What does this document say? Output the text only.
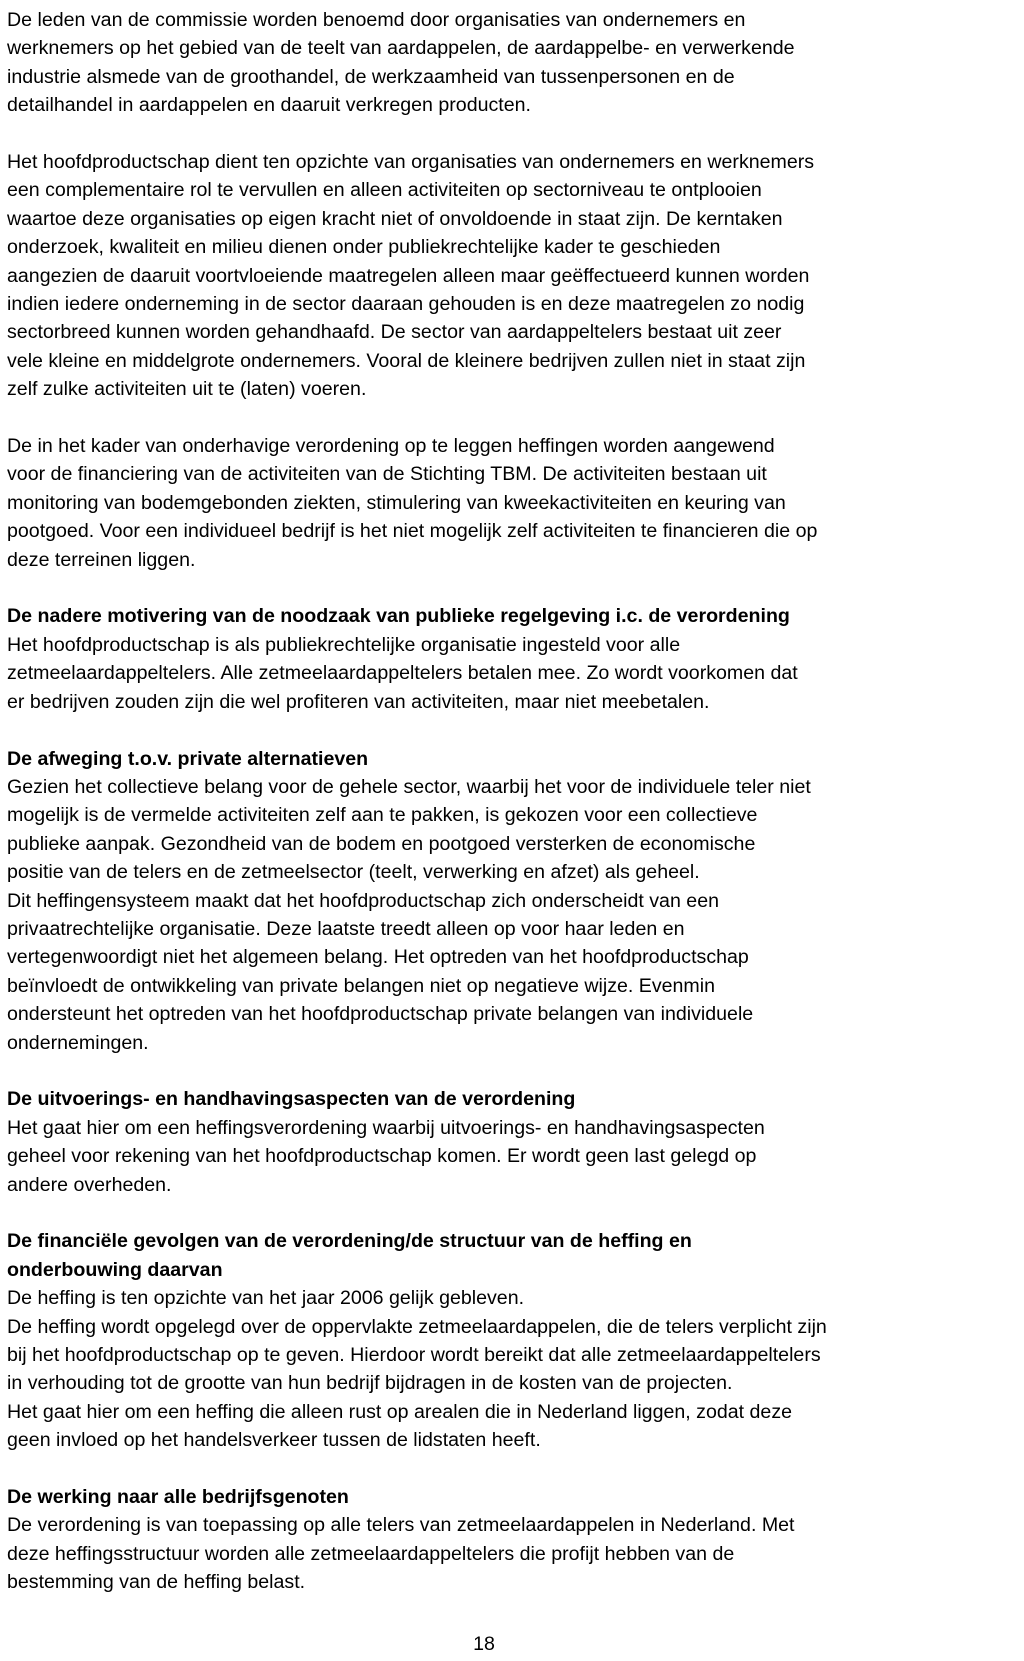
De leden van de commissie worden benoemd door organisaties van ondernemers en
werknemers op het gebied van de teelt van aardappelen, de aardappelbe- en verwerkende
industrie alsmede van de groothandel, de werkzaamheid van tussenpersonen en de
detailhandel in aardappelen en daaruit verkregen producten.

Het hoofdproductschap dient ten opzichte van organisaties van ondernemers en werknemers
een complementaire rol te vervullen en alleen activiteiten op sectorniveau te ontplooien
waartoe deze organisaties op eigen kracht niet of onvoldoende in staat zijn. De kerntaken
onderzoek, kwaliteit en milieu dienen onder publiekrechtelijke kader te geschieden
aangezien de daaruit voortvloeiende maatregelen alleen maar geëffectueerd kunnen worden
indien iedere onderneming in de sector daaraan gehouden is en deze maatregelen zo nodig
sectorbreed kunnen worden gehandhaafd. De sector van aardappeltelers bestaat uit zeer
vele kleine en middelgrote ondernemers. Vooral de kleinere bedrijven zullen niet in staat zijn
zelf zulke activiteiten uit te (laten) voeren.

De in het kader van onderhavige verordening op te leggen heffingen worden aangewend
voor de financiering van de activiteiten van de Stichting TBM. De activiteiten bestaan uit
monitoring van bodemgebonden ziekten, stimulering van kweekactiviteiten en keuring van
pootgoed. Voor een individueel bedrijf is het niet mogelijk zelf activiteiten te financieren die op
deze terreinen liggen.

De nadere motivering van de noodzaak van publieke regelgeving i.c. de verordening
Het hoofdproductschap is als publiekrechtelijke organisatie ingesteld voor alle
zetmeelaardappeltelers. Alle zetmeelaardappeltelers betalen mee. Zo wordt voorkomen dat
er bedrijven zouden zijn die wel profiteren van activiteiten, maar niet meebetalen.

De afweging t.o.v. private alternatieven
Gezien het collectieve belang voor de gehele sector, waarbij het voor de individuele teler niet
mogelijk is de vermelde activiteiten zelf aan te pakken, is gekozen voor een collectieve
publieke aanpak. Gezondheid van de bodem en pootgoed versterken de economische
positie van de telers en de zetmeelsector (teelt, verwerking en afzet) als geheel.
Dit heffingensysteem maakt dat het hoofdproductschap zich onderscheidt van een
privaatrechtelijke organisatie. Deze laatste treedt alleen op voor haar leden en
vertegenwoordigt niet het algemeen belang. Het optreden van het hoofdproductschap
beïnvloedt de ontwikkeling van private belangen niet op negatieve wijze. Evenmin
ondersteunt het optreden van het hoofdproductschap private belangen van individuele
ondernemingen.

De uitvoerings- en handhavingsaspecten van de verordening
Het gaat hier om een heffingsverordening waarbij uitvoerings- en handhavingsaspecten
geheel voor rekening van het hoofdproductschap komen. Er wordt geen last gelegd op
andere overheden.

De financiële gevolgen van de verordening/de structuur van de heffing en
onderbouwing daarvan
De heffing is ten opzichte van het jaar 2006 gelijk gebleven.
De heffing wordt opgelegd over de oppervlakte zetmeelaardappelen, die de telers verplicht zijn
bij het hoofdproductschap op te geven. Hierdoor wordt bereikt dat alle zetmeelaardappeltelers
in verhouding tot de grootte van hun bedrijf bijdragen in de kosten van de projecten.
Het gaat hier om een heffing die alleen rust op arealen die in Nederland liggen, zodat deze
geen invloed op het handelsverkeer tussen de lidstaten heeft.

De werking naar alle bedrijfsgenoten
De verordening is van toepassing op alle telers van zetmeelaardappelen in Nederland. Met
deze heffingsstructuur worden alle zetmeelaardappeltelers die profijt hebben van de
bestemming van de heffing belast.

18
